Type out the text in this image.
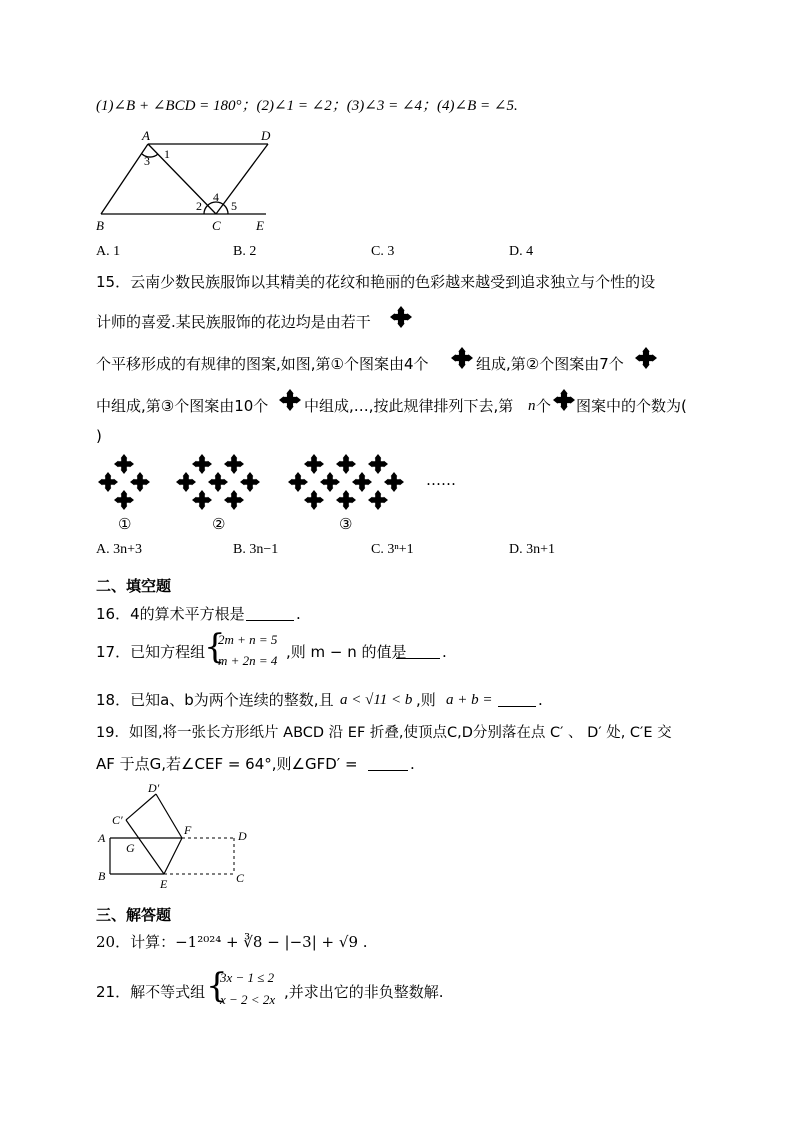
(1)∠B + ∠BCD = 180°；(2)∠1 = ∠2；(3)∠3 = ∠4；(4)∠B = ∠5.
A	D
B	C	E
1
3
2
4
5
A. 1	B. 2	C. 3	D. 4
15．云南少数民族服饰以其精美的花纹和艳丽的色彩越来越受到追求独立与个性的设
计师的喜爱.某民族服饰的花边均是由若干
个平移形成的有规律的图案,如图,第①个图案由4个	组成,第②个图案由7个
中组成,第③个图案由10个 中组成,…,按此规律排列下去,第 n 个 图案中的个数为(
)
……
①	②	③
A. 3n+3	B. 3n−1	C. 3ⁿ+1	D. 3n+1
二、填空题
16．4的算术平方根是	.
17．已知方程组
{
2m + n = 5
m + 2n = 4 ,则 m − n 的值是 .
18．已知a、b为两个连续的整数,且 a < √11 < b ,则 a + b =	.
19．如图,将一张长方形纸片 ABCD 沿 EF 折叠,使顶点C,D分别落在点 C′ 、 D′ 处, C′E 交
AF 于点G,若∠CEF = 64°,则∠GFD′ =	.
D′
C′
A
G
F	D
B
E	C
三、解答题
20．计算：−1²⁰²⁴ + ∛8 − |−3| + √9 .
21．解不等式组 {
3x − 1 ≤ 2
x − 2 < 2x ,并求出它的非负整数解.
